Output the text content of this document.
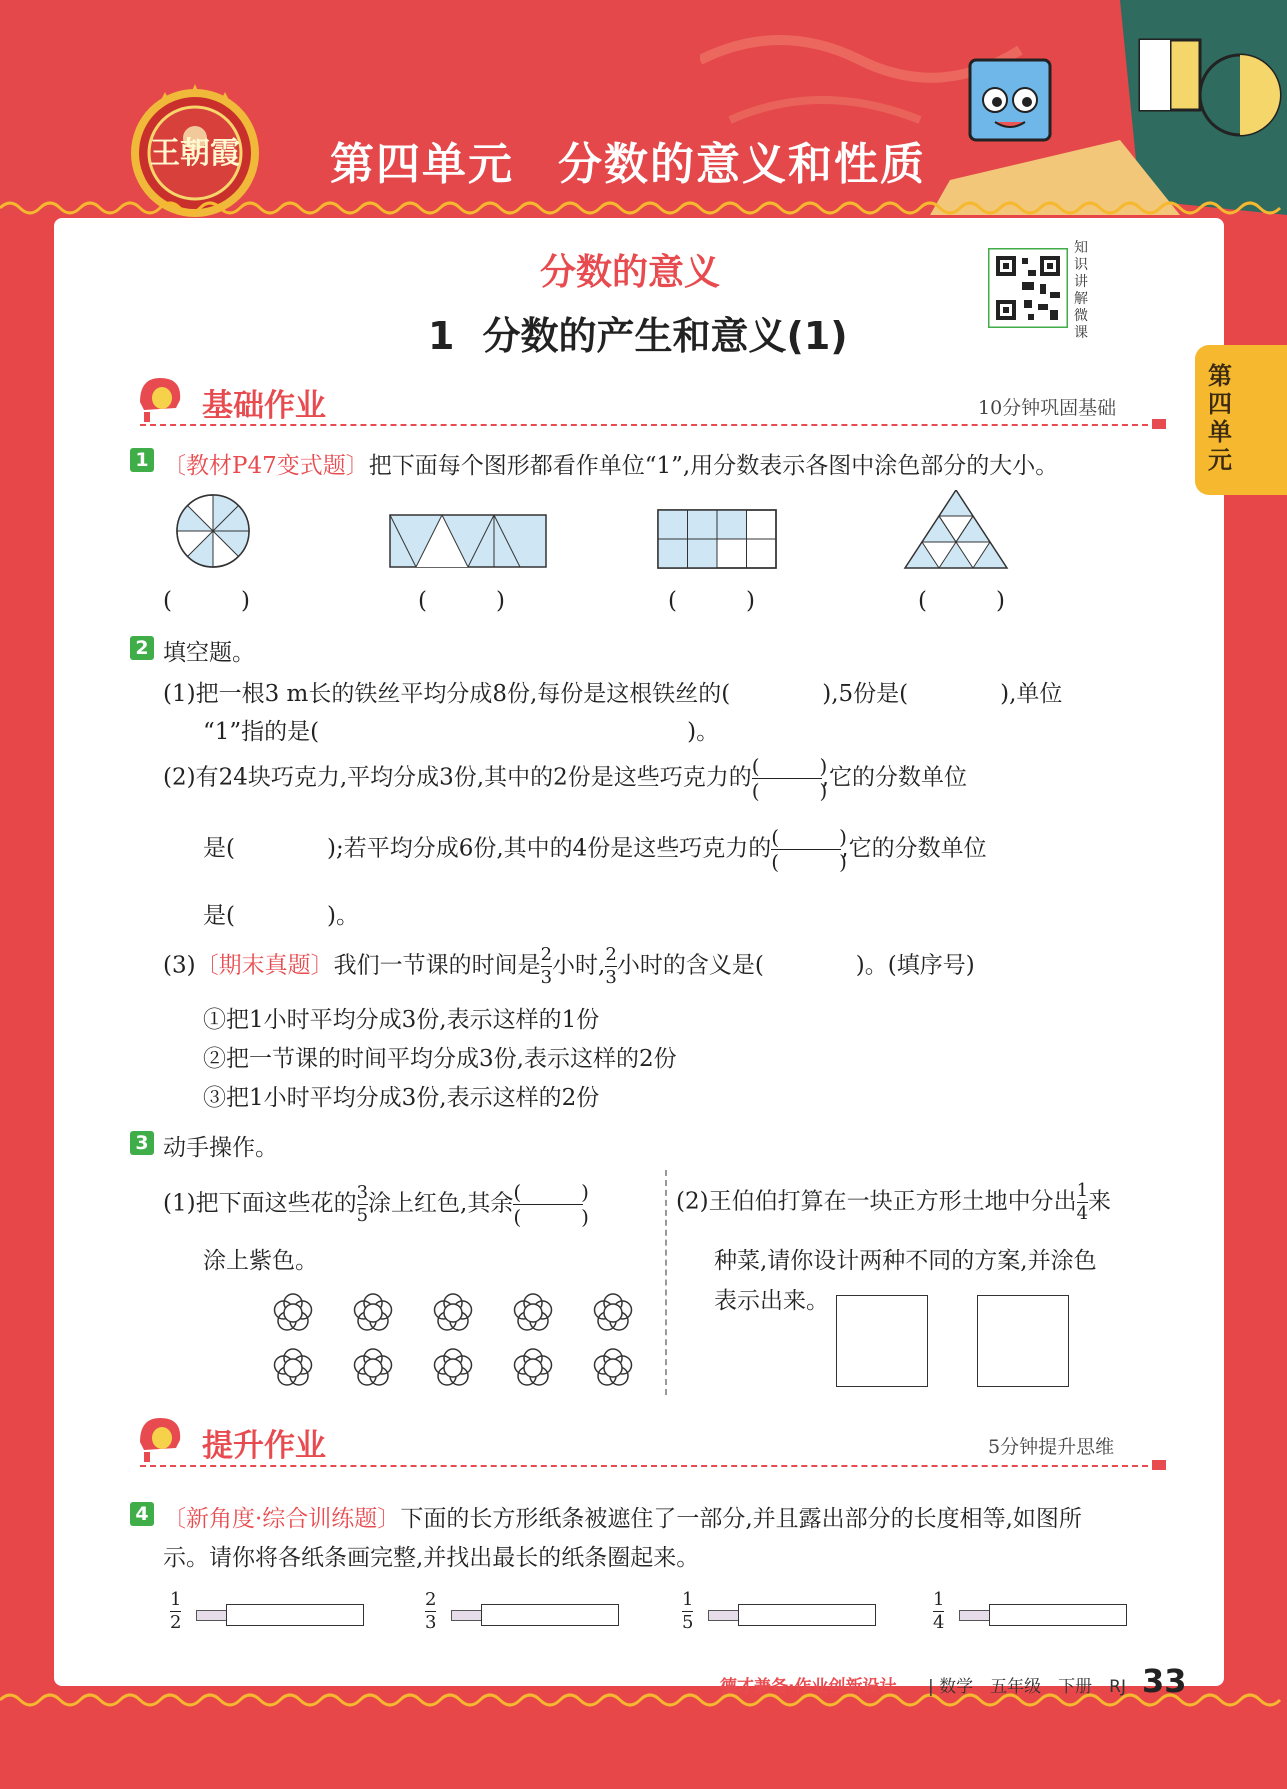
第四单元 分数的意义和性质
王朝霞
第四单元
分数的意义
1 分数的产生和意义(1)
知识讲解微课
基础作业	10分钟巩固基础
1 〔教材P47变式题〕把下面每个图形都看作单位“1”,用分数表示各图中涂色部分的大小。
(　　　)	(　　　)	(　　　)	(　　　)
2 填空题。
(1)把一根3 m长的铁丝平均分成8份,每份是这根铁丝的(　　　　),5份是(　　　　),单位
“1”指的是(　　　　　　　　　　　　　　　　)。
(2)有24块巧克力,平均分成3份,其中的2份是这些巧克力的 $\frac{( )}{( )}$ ,它的分数单位
是(　　　　);若平均分成6份,其中的4份是这些巧克力的 $\frac{( )}{( )}$ ,它的分数单位
是(　　　　)。
(3)〔期末真题〕我们一节课的时间是 $\frac{2}{3}$ 小时, $\frac{2}{3}$ 小时的含义是(　　　　)。(填序号)
①把1小时平均分成3份,表示这样的1份
②把一节课的时间平均分成3份,表示这样的2份
③把1小时平均分成3份,表示这样的2份
3 动手操作。
(1)把下面这些花的 $\frac{3}{5}$ 涂上红色,其余 $\frac{( )}{( )}$
涂上紫色。
(2)王伯伯打算在一块正方形土地中分出 $\frac{1}{4}$ 来
种菜,请你设计两种不同的方案,并涂色
表示出来。
提升作业	5分钟提升思维
4 〔新角度·综合训练题〕下面的长方形纸条被遮住了一部分,并且露出部分的长度相等,如图所
示。请你将各纸条画完整,并找出最长的纸条圈起来。
$\frac{1}{2}$	$\frac{2}{3}$	$\frac{1}{5}$	$\frac{1}{4}$
德才兼备·作业创新设计 | 数学　五年级　下册　RJ 33
